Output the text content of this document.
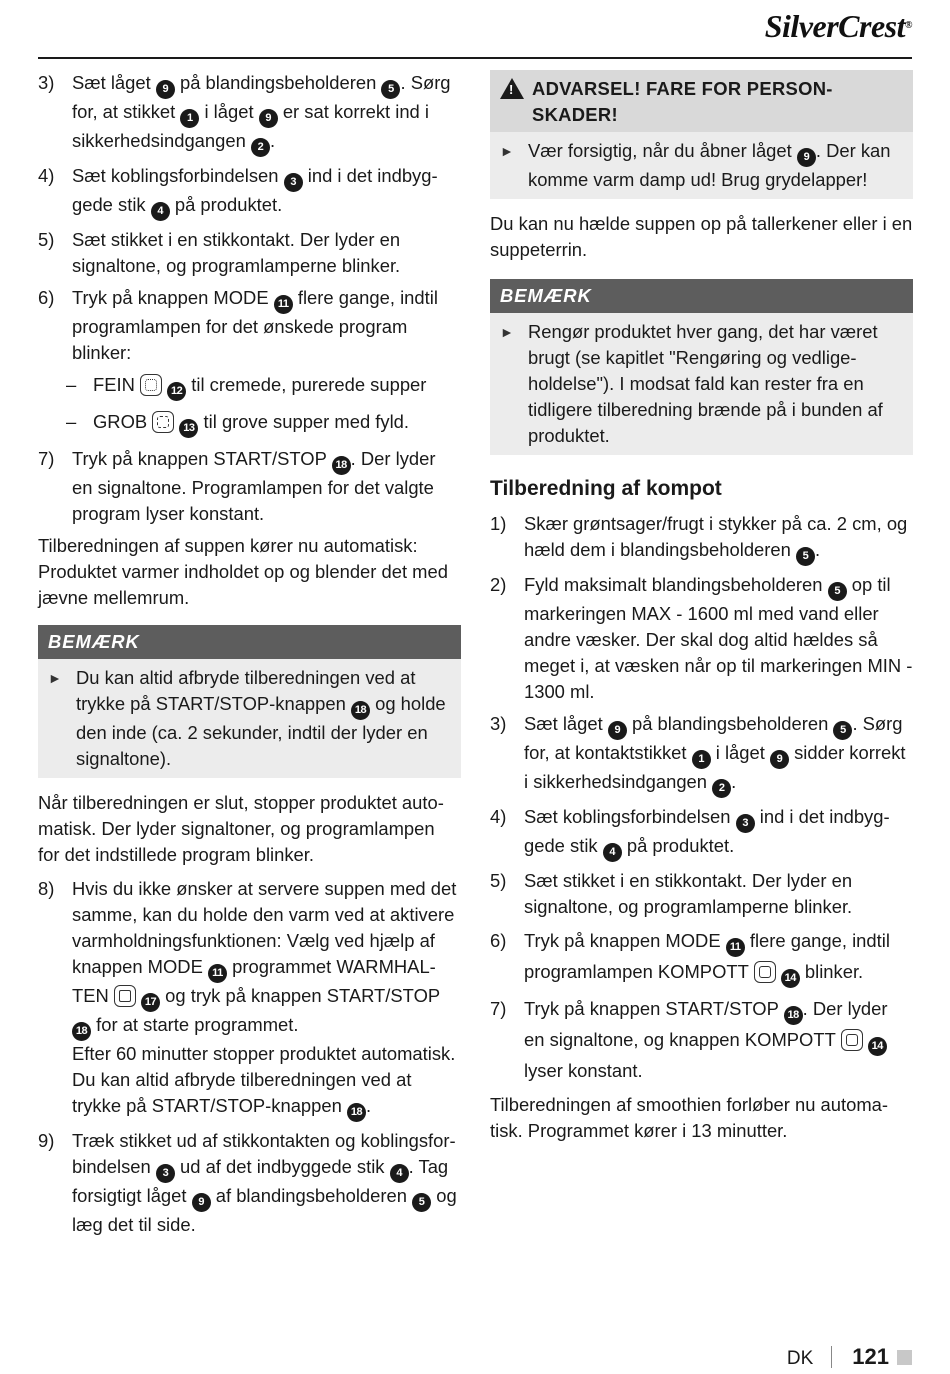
SilverCrest®
3) Sæt låget 9 på blandingsbeholderen 5 . Sørg for, at stikket 1 i låget 9 er sat korrekt ind i sikkerhedsindgangen 2 .
4) Sæt koblingsforbindelsen 3 ind i det indbyg-gede stik 4 på produktet.
5) Sæt stikket i en stikkontakt. Der lyder en signaltone, og programlamperne blinker.
6) Tryk på knappen MODE 11 flere gange, indtil programlampen for det ønskede program blinker:
– FEIN	12 til cremede, purerede supper
– GROB	13 til grove supper med fyld.
7) Tryk på knappen START/STOP 18 . Der lyder en signaltone. Programlampen for det valgte program lyser konstant.

Tilberedningen af suppen kører nu automatisk: Produktet varmer indholdet op og blender det med jævne mellemrum.

BEMÆRK
► Du kan altid afbryde tilberedningen ved at trykke på START/STOP-knappen 18 og holde den inde (ca. 2 sekunder, indtil der lyder en signaltone).

Når tilberedningen er slut, stopper produktet auto-matisk. Der lyder signaltoner, og programlampen for det indstillede program blinker.

8) Hvis du ikke ønsker at servere suppen med det samme, kan du holde den varm ved at aktivere varmholdningsfunktionen: Vælg ved hjælp af knappen MODE 11 programmet WARMHAL-TEN	17 og tryk på knappen START/STOP 18 for at starte programmet.
Efter 60 minutter stopper produktet automatisk. Du kan altid afbryde tilberedningen ved at trykke på START/STOP-knappen 18 .
9) Træk stikket ud af stikkontakten og koblingsfor-bindelsen 3 ud af det indbyggede stik 4 . Tag forsigtigt låget 9 af blandingsbeholderen 5 og læg det til side.
!
ADVARSEL! FARE FOR PERSON-SKADER!
► Vær forsigtig, når du åbner låget 9 . Der kan komme varm damp ud! Brug grydelapper!

Du kan nu hælde suppen op på tallerkener eller i en suppeterrin.

BEMÆRK
► Rengør produktet hver gang, det har været brugt (se kapitlet "Rengøring og vedlige-holdelse"). I modsat fald kan rester fra en tidligere tilberedning brænde på i bunden af produktet.
Tilberedning af kompot
1) Skær grøntsager/frugt i stykker på ca. 2 cm, og hæld dem i blandingsbeholderen 5 .
2) Fyld maksimalt blandingsbeholderen 5 op til markeringen MAX - 1600 ml med vand eller andre væsker. Der skal dog altid hældes så meget i, at væsken når op til markeringen MIN - 1300 ml.
3) Sæt låget 9 på blandingsbeholderen 5 . Sørg for, at kontaktstikket 1 i låget 9 sidder korrekt i sikkerhedsindgangen 2 .
4) Sæt koblingsforbindelsen 3 ind i det indbyg-gede stik 4 på produktet.
5) Sæt stikket i en stikkontakt. Der lyder en signaltone, og programlamperne blinker.
6) Tryk på knappen MODE 11 flere gange, indtil programlampen KOMPOTT	14 blinker.
7) Tryk på knappen START/STOP 18 . Der lyder en signaltone, og knappen KOMPOTT	14 lyser konstant.

Tilberedningen af smoothien forløber nu automa-tisk. Programmet kører i 13 minutter.

DK 121
